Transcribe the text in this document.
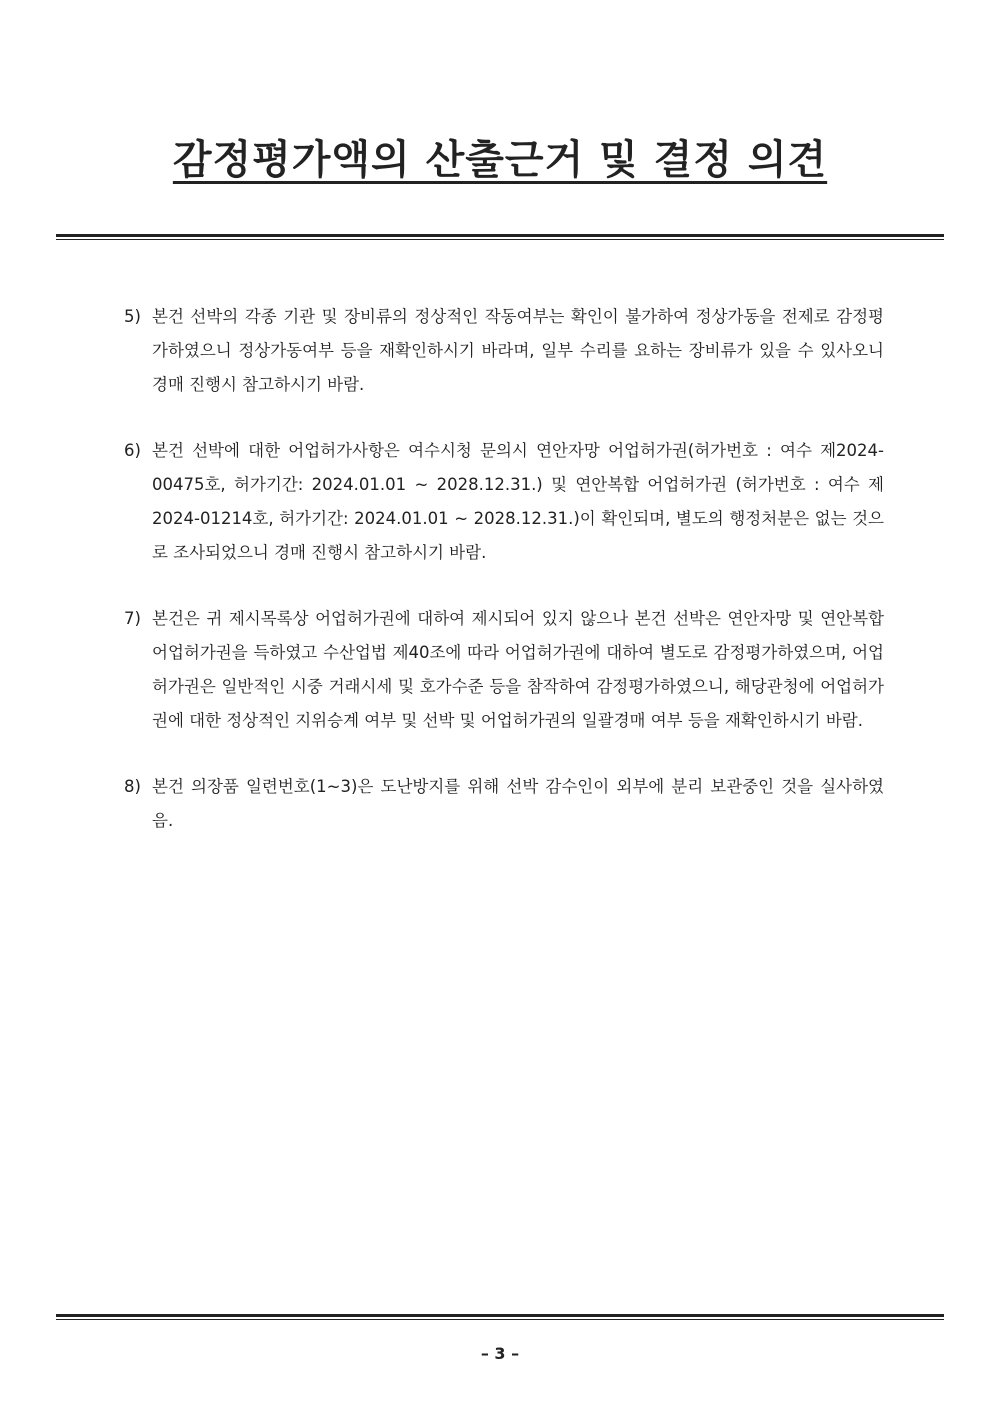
감정평가액의 산출근거 및 결정 의견
5) 본건 선박의 각종 기관 및 장비류의 정상적인 작동여부는 확인이 불가하여 정상가동을 전제로 감정평가하였으니 정상가동여부 등을 재확인하시기 바라며, 일부 수리를 요하는 장비류가 있을 수 있사오니 경매 진행시 참고하시기 바람.
6) 본건 선박에 대한 어업허가사항은 여수시청 문의시 연안자망 어업허가권(허가번호 : 여수 제2024-00475호, 허가기간: 2024.01.01 ~ 2028.12.31.) 및 연안복합 어업허가권 (허가번호 : 여수 제2024-01214호, 허가기간: 2024.01.01 ~ 2028.12.31.)이 확인되며, 별도의 행정처분은 없는 것으로 조사되었으니 경매 진행시 참고하시기 바람.
7) 본건은 귀 제시목록상 어업허가권에 대하여 제시되어 있지 않으나 본건 선박은 연안자망 및 연안복합어업허가권을 득하였고 수산업법 제40조에 따라 어업허가권에 대하여 별도로 감정평가하였으며, 어업허가권은 일반적인 시중 거래시세 및 호가수준 등을 참작하여 감정평가하였으니, 해당관청에 어업허가권에 대한 정상적인 지위승계 여부 및 선박 및 어업허가권의 일괄경매 여부 등을 재확인하시기 바람.
8) 본건 의장품 일련번호(1~3)은 도난방지를 위해 선박 감수인이 외부에 분리 보관중인 것을 실사하였음.
– 3 –
